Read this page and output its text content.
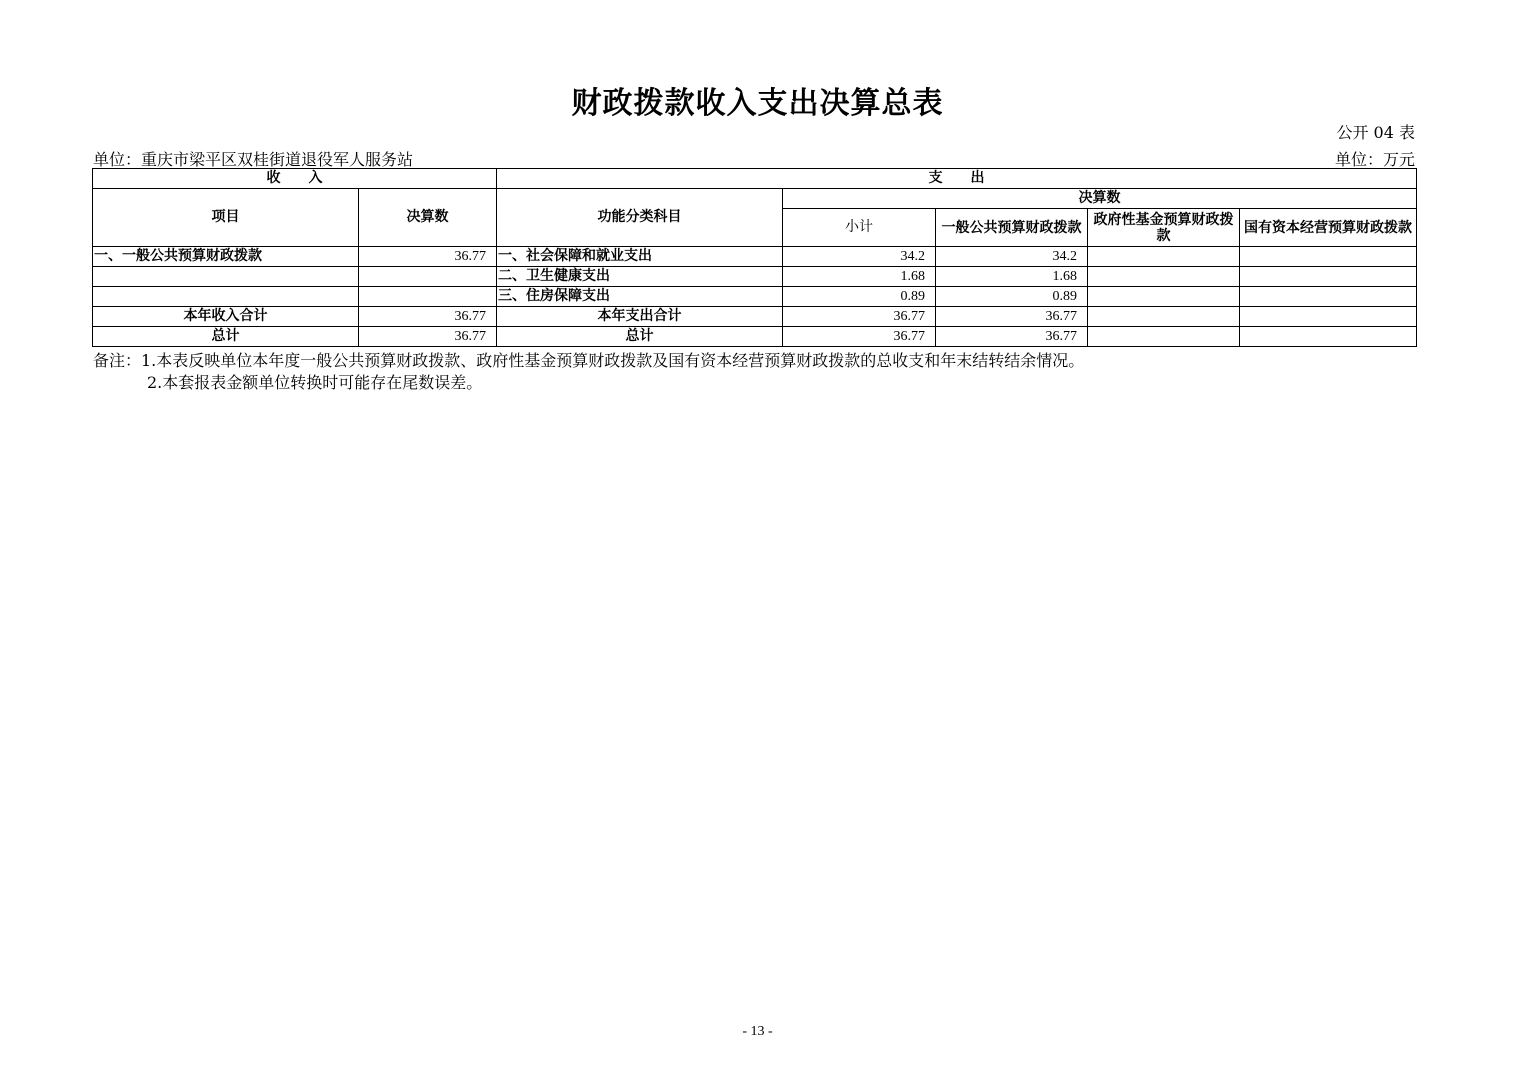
财政拨款收入支出决算总表
公开 04 表
单位：重庆市梁平区双桂街道退役军人服务站	单位：万元
收　　入		支　　出				
项目	决算数	功能分类科目	决算数			
			小计	一般公共预算财政拨款	政府性基金预算财政拨款	国有资本经营预算财政拨款
一、一般公共预算财政拨款	36.77	一、社会保障和就业支出	34.2	34.2		
		二、卫生健康支出	1.68	1.68		
		三、住房保障支出	0.89	0.89		
本年收入合计	36.77	本年支出合计	36.77	36.77		
总计	36.77	总计	36.77	36.77		
备注：1.本表反映单位本年度一般公共预算财政拨款、政府性基金预算财政拨款及国有资本经营预算财政拨款的总收支和年末结转结余情况。
2.本套报表金额单位转换时可能存在尾数误差。
- 13 -
